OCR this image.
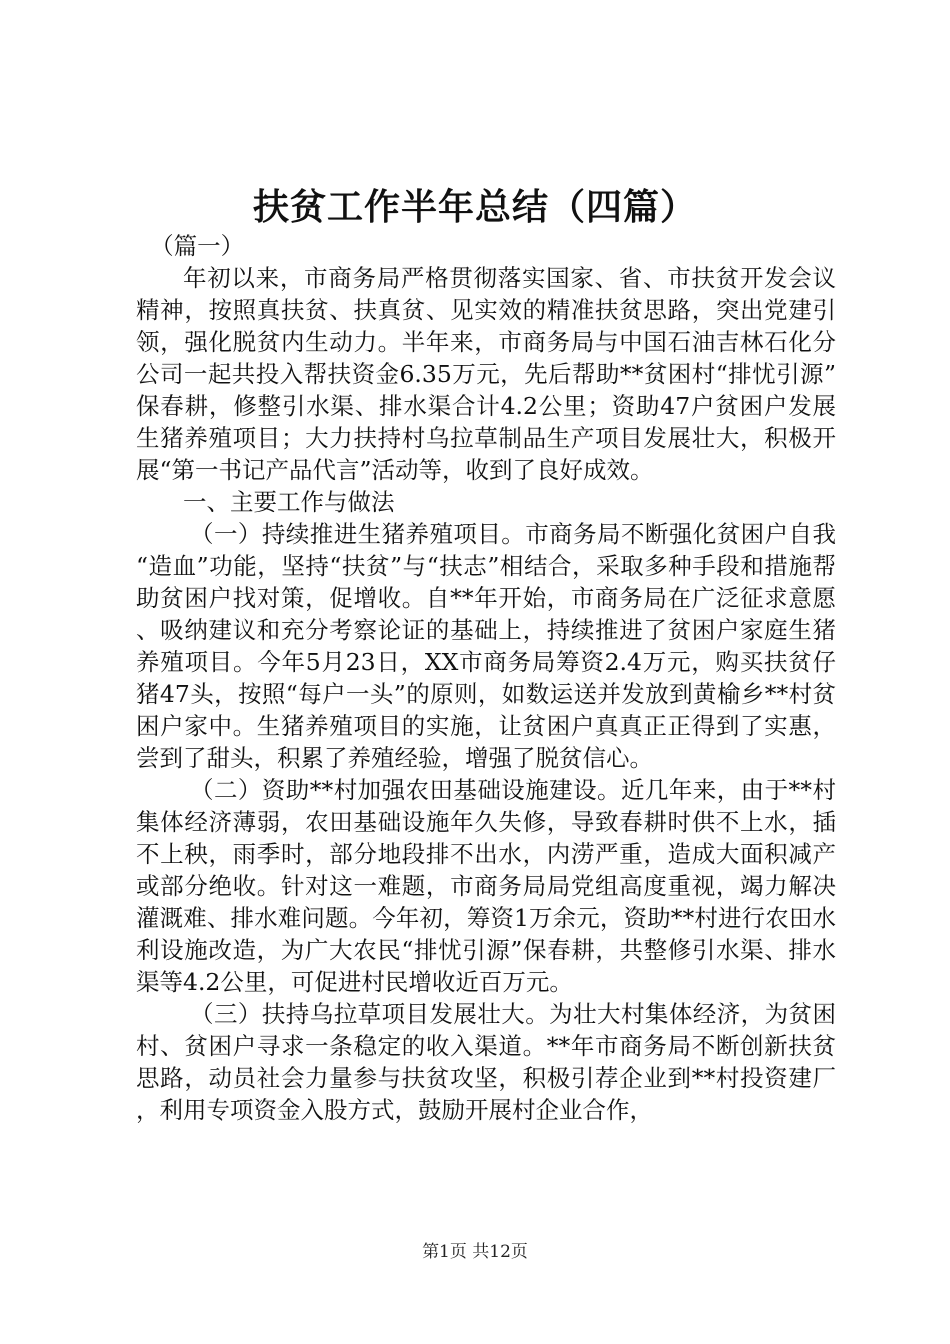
扶贫工作半年总结（四篇）

（篇一）

年初以来，市商务局严格贯彻落实国家、省、市扶贫开发会议精神，按照真扶贫、扶真贫、见实效的精准扶贫思路，突出党建引领，强化脱贫内生动力。半年来，市商务局与中国石油吉林石化分公司一起共投入帮扶资金6.35万元，先后帮助**贫困村“排忧引源”保春耕，修整引水渠、排水渠合计4.2公里；资助47户贫困户发展生猪养殖项目；大力扶持村乌拉草制品生产项目发展壮大，积极开展“第一书记产品代言”活动等，收到了良好成效。

一、主要工作与做法

（一）持续推进生猪养殖项目。市商务局不断强化贫困户自我“造血”功能，坚持“扶贫”与“扶志”相结合，采取多种手段和措施帮助贫困户找对策，促增收。自**年开始，市商务局在广泛征求意愿、吸纳建议和充分考察论证的基础上，持续推进了贫困户家庭生猪养殖项目。今年5月23日，XX市商务局筹资2.4万元，购买扶贫仔猪47头，按照“每户一头”的原则，如数运送并发放到黄榆乡**村贫困户家中。生猪养殖项目的实施，让贫困户真真正正得到了实惠，尝到了甜头，积累了养殖经验，增强了脱贫信心。

（二）资助**村加强农田基础设施建设。近几年来，由于**村集体经济薄弱，农田基础设施年久失修，导致春耕时供不上水，插不上秧，雨季时，部分地段排不出水，内涝严重，造成大面积减产或部分绝收。针对这一难题，市商务局局党组高度重视，竭力解决灌溉难、排水难问题。今年初，筹资1万余元，资助**村进行农田水利设施改造，为广大农民“排忧引源”保春耕，共整修引水渠、排水渠等4.2公里，可促进村民增收近百万元。

（三）扶持乌拉草项目发展壮大。为壮大村集体经济，为贫困村、贫困户寻求一条稳定的收入渠道。**年市商务局不断创新扶贫思路，动员社会力量参与扶贫攻坚，积极引荐企业到**村投资建厂，利用专项资金入股方式，鼓励开展村企业合作，

第1页 共12页
